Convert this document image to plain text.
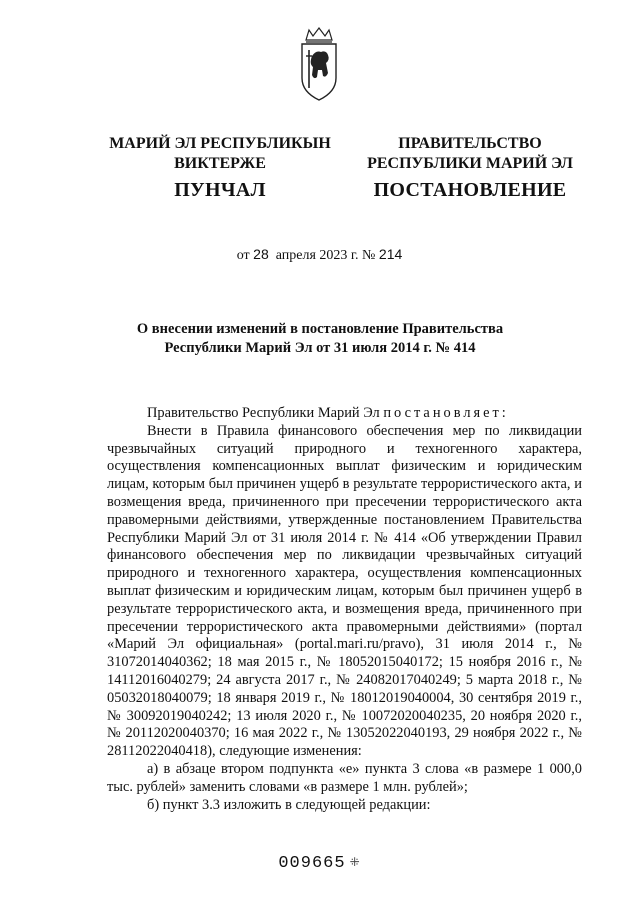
МАРИЙ ЭЛ РЕСПУБЛИКЫН
ВИКТЕРЖЕ
ПУНЧАЛ
ПРАВИТЕЛЬСТВО
РЕСПУБЛИКИ МАРИЙ ЭЛ
ПОСТАНОВЛЕНИЕ
от 28 апреля 2023 г. № 214
О внесении изменений в постановление Правительства
Республики Марий Эл от 31 июля 2014 г. № 414

Правительство Республики Марий Эл постановляет:

Внести в Правила финансового обеспечения мер по ликвидации чрезвычайных ситуаций природного и техногенного характера, осуществления компенсационных выплат физическим и юридическим лицам, которым был причинен ущерб в результате террористического акта, и возмещения вреда, причиненного при пресечении террористического акта правомерными действиями, утвержденные постановлением Правительства Республики Марий Эл от 31 июля 2014 г. № 414 «Об утверждении Правил финансового обеспечения мер по ликвидации чрезвычайных ситуаций природного и техногенного характера, осуществления компенсационных выплат физическим и юридическим лицам, которым был причинен ущерб в результате террористического акта, и возмещения вреда, причиненного при пресечении террористического акта правомерными действиями» (портал «Марий Эл официальная» (portal.mari.ru/pravo), 31 июля 2014 г., № 31072014040362; 18 мая 2015 г., № 18052015040172; 15 ноября 2016 г., № 14112016040279; 24 августа 2017 г., № 24082017040249; 5 марта 2018 г., № 05032018040079; 18 января 2019 г., № 18012019040004, 30 сентября 2019 г., № 30092019040242; 13 июля 2020 г., № 10072020040235, 20 ноября 2020 г., № 20112020040370; 16 мая 2022 г., № 13052022040193, 29 ноября 2022 г., № 28112022040418), следующие изменения:

а) в абзаце втором подпункта «е» пункта 3 слова «в размере 1 000,0 тыс. рублей» заменить словами «в размере 1 млн. рублей»;

б) пункт 3.3 изложить в следующей редакции:

009665 ⁜
